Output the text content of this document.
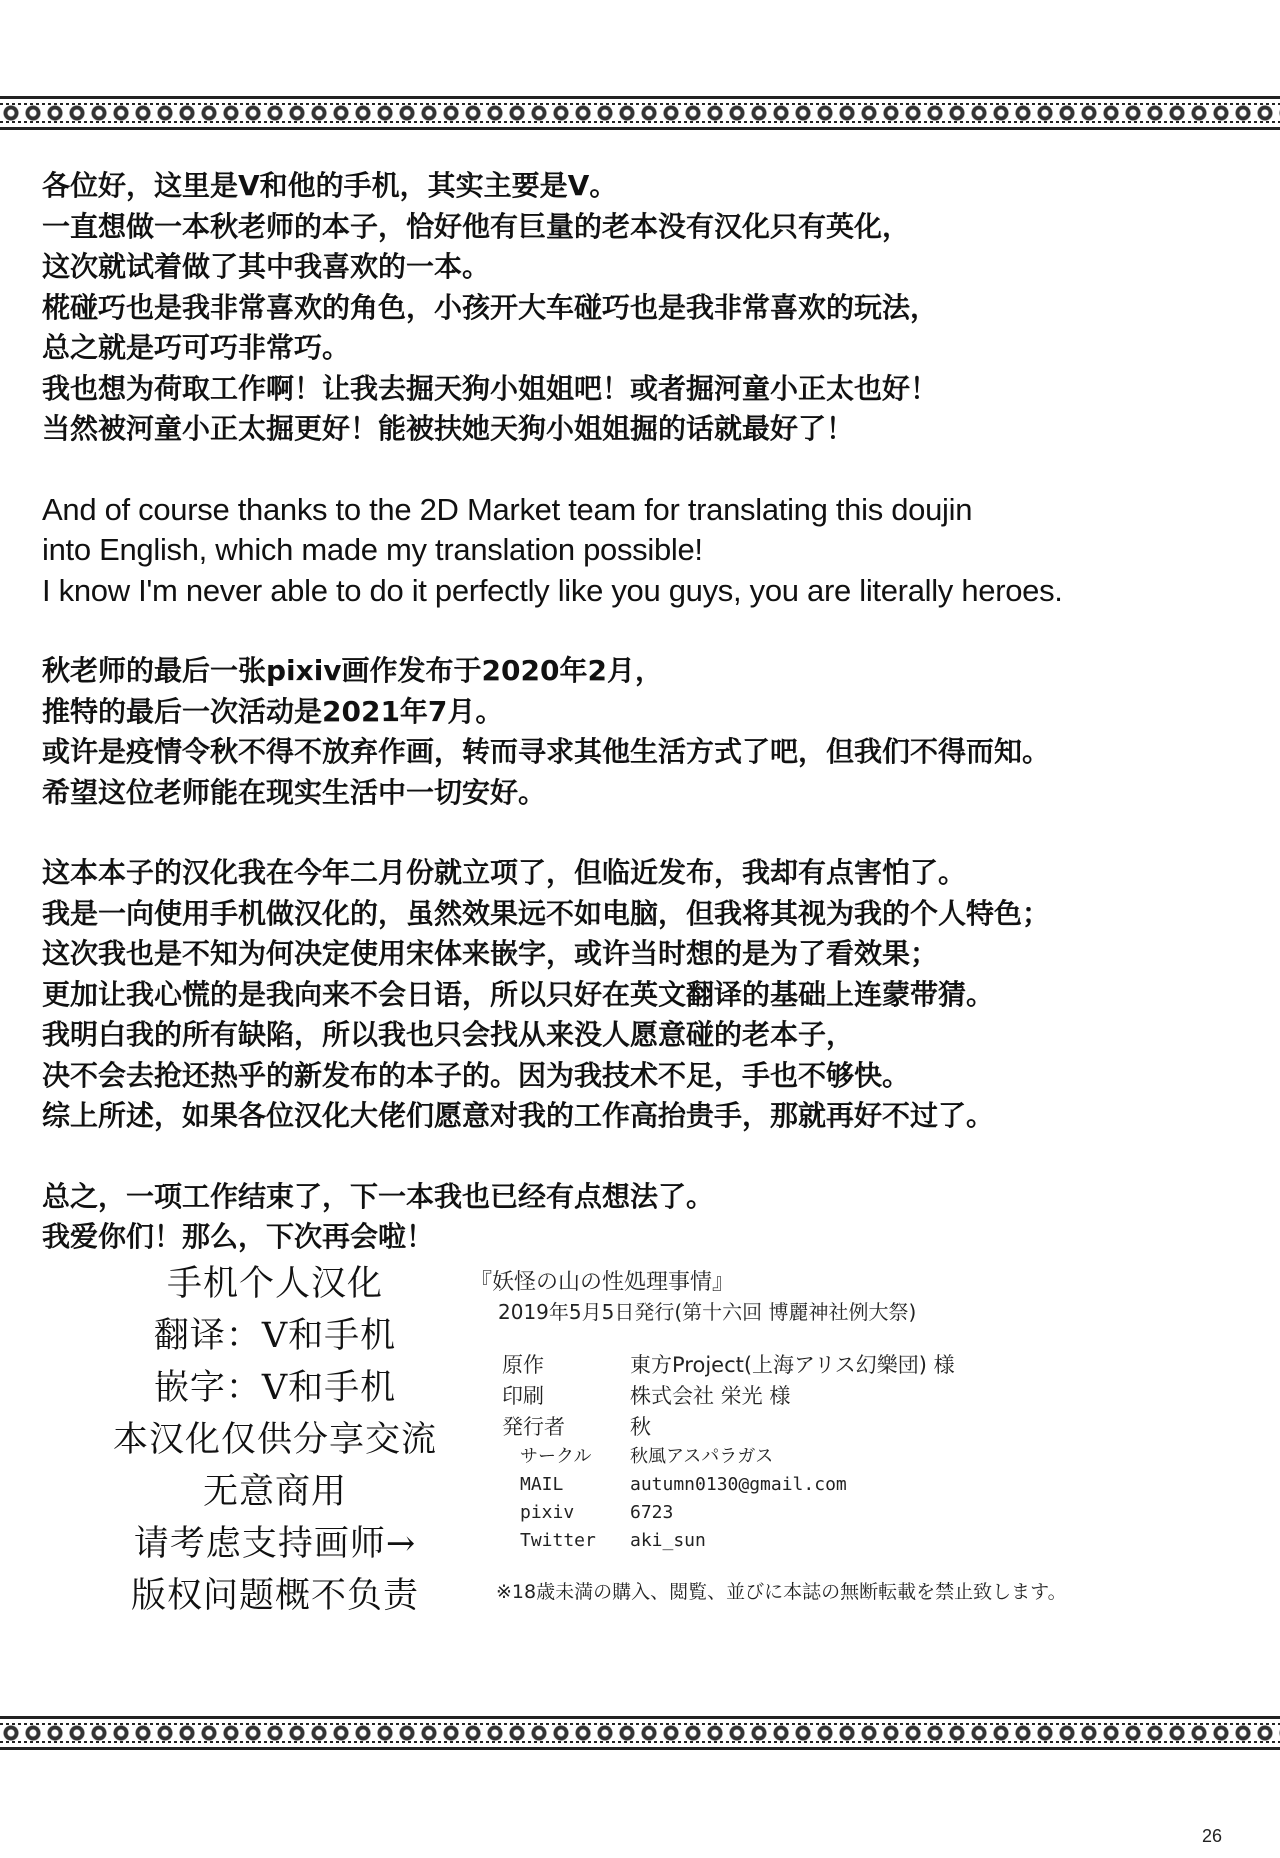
各位好，这里是V和他的手机，其实主要是V。
一直想做一本秋老师的本子，恰好他有巨量的老本没有汉化只有英化，
这次就试着做了其中我喜欢的一本。
椛碰巧也是我非常喜欢的角色，小孩开大车碰巧也是我非常喜欢的玩法，
总之就是巧可巧非常巧。
我也想为荷取工作啊！让我去掘天狗小姐姐吧！或者掘河童小正太也好！
当然被河童小正太掘更好！能被扶她天狗小姐姐掘的话就最好了！
And of course thanks to the 2D Market team for translating this doujin
into English, which made my translation possible!
I know I'm never able to do it perfectly like you guys, you are literally heroes.
秋老师的最后一张pixiv画作发布于2020年2月，
推特的最后一次活动是2021年7月。
或许是疫情令秋不得不放弃作画，转而寻求其他生活方式了吧，但我们不得而知。
希望这位老师能在现实生活中一切安好。
这本本子的汉化我在今年二月份就立项了，但临近发布，我却有点害怕了。
我是一向使用手机做汉化的，虽然效果远不如电脑，但我将其视为我的个人特色；
这次我也是不知为何决定使用宋体来嵌字，或许当时想的是为了看效果；
更加让我心慌的是我向来不会日语，所以只好在英文翻译的基础上连蒙带猜。
我明白我的所有缺陷，所以我也只会找从来没人愿意碰的老本子，
决不会去抢还热乎的新发布的本子的。因为我技术不足，手也不够快。
综上所述，如果各位汉化大佬们愿意对我的工作高抬贵手，那就再好不过了。
总之，一项工作结束了，下一本我也已经有点想法了。
我爱你们！那么，下次再会啦！
手机个人汉化
翻译：V和手机
嵌字：V和手机
本汉化仅供分享交流
无意商用
请考虑支持画师→
版权问题概不负责
『妖怪の山の性処理事情』
2019年5月5日発行(第十六回 博麗神社例大祭)
原作	東方Project(上海アリス幻樂団) 様
印刷	株式会社 栄光 様
発行者	秋
サークル	秋風アスパラガス
MAIL	autumn0130@gmail.com
pixiv	6723
Twitter	aki_sun
※18歳未満の購入、閲覧、並びに本誌の無断転載を禁止致します。
26
